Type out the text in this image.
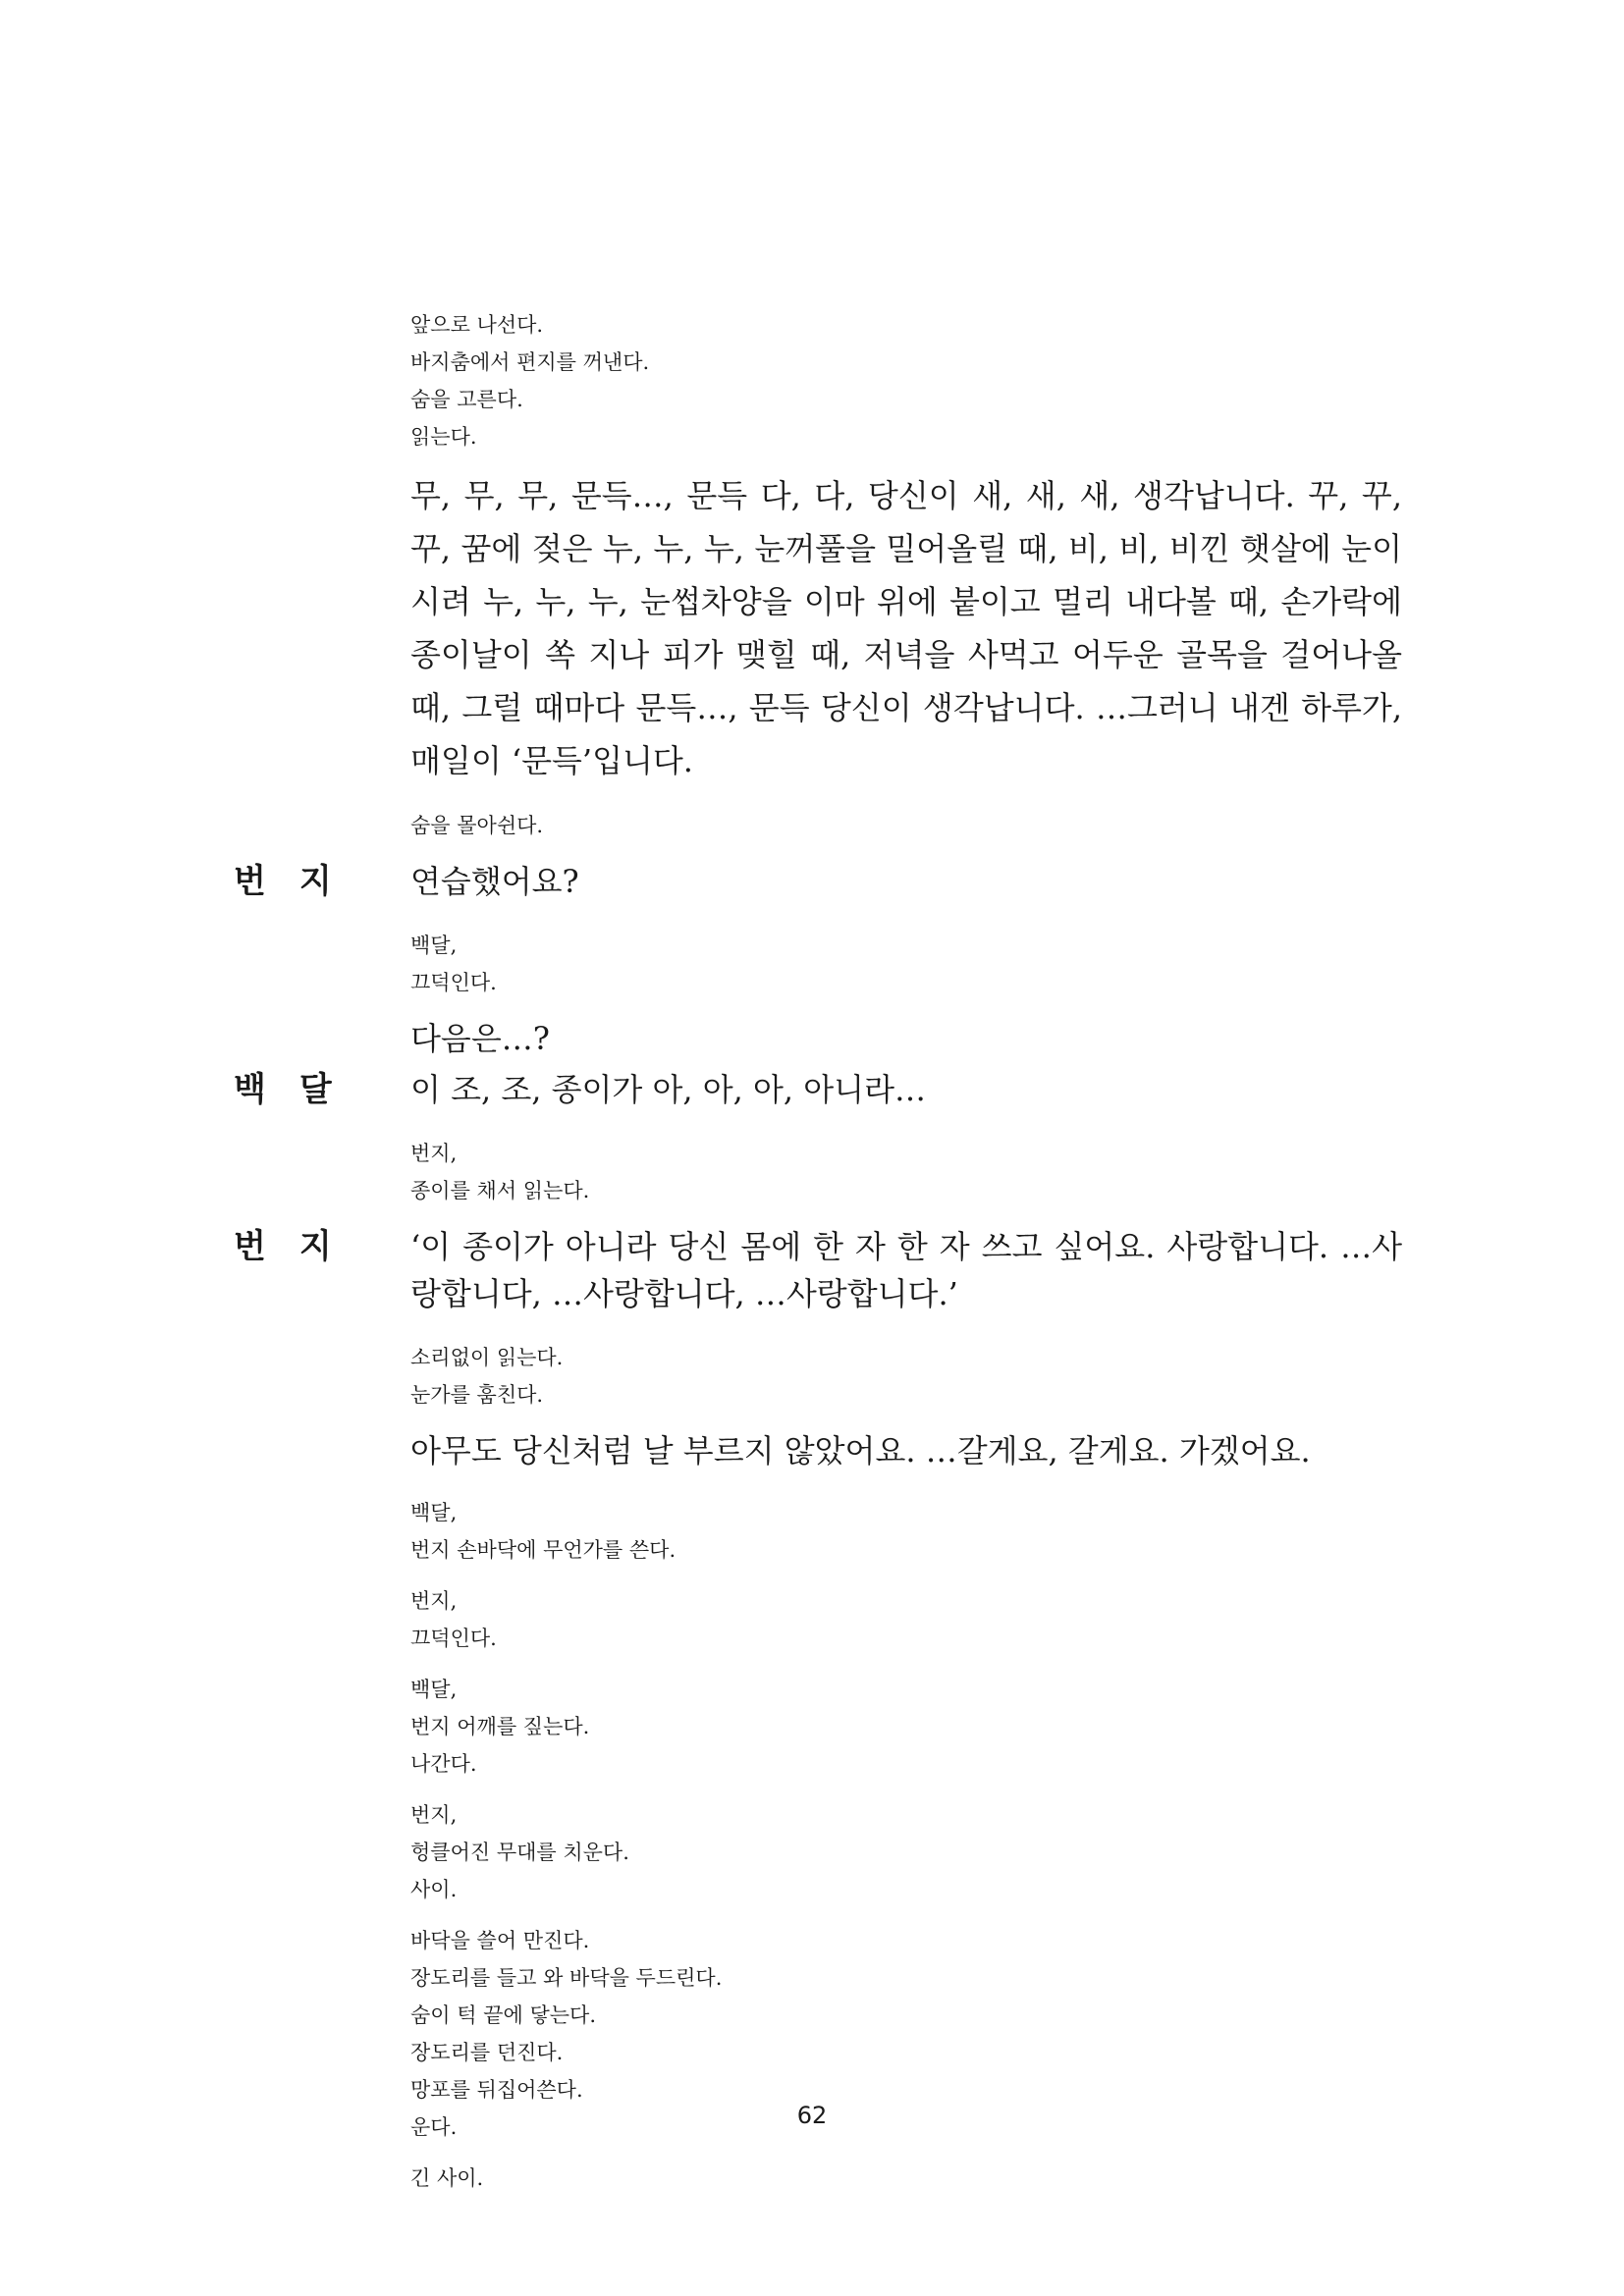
앞으로 나선다.
바지춤에서 편지를 꺼낸다.
숨을 고른다.
읽는다.
무, 무, 무, 문득…, 문득 다, 다, 당신이 새, 새, 새, 생각납니다. 꾸, 꾸, 꾸, 꿈에 젖은 누, 누, 누, 눈꺼풀을 밀어올릴 때, 비, 비, 비낀 햇살에 눈이 시려 누, 누, 누, 눈썹차양을 이마 위에 붙이고 멀리 내다볼 때, 손가락에 종이날이 쏙 지나 피가 맺힐 때, 저녁을 사먹고 어두운 골목을 걸어나올 때, 그럴 때마다 문득…, 문득 당신이 생각납니다. …그러니 내겐 하루가, 매일이 ‘문득’입니다.
숨을 몰아쉰다.
번지 연습했어요?
백달,
끄덕인다.
다음은…?
백달 이 조, 조, 종이가 아, 아, 아, 아니라…
번지,
종이를 채서 읽는다.
번지 ‘이 종이가 아니라 당신 몸에 한 자 한 자 쓰고 싶어요. 사랑합니다. …사랑합니다, …사랑합니다, …사랑합니다.’
소리없이 읽는다.
눈가를 훔친다.
아무도 당신처럼 날 부르지 않았어요. …갈게요, 갈게요. 가겠어요.
백달,
번지 손바닥에 무언가를 쓴다.
번지,
끄덕인다.
백달,
번지 어깨를 짚는다.
나간다.
번지,
헝클어진 무대를 치운다.
사이.
바닥을 쓸어 만진다.
장도리를 들고 와 바닥을 두드린다.
숨이 턱 끝에 닿는다.
장도리를 던진다.
망포를 뒤집어쓴다.
운다.
긴 사이.
62
